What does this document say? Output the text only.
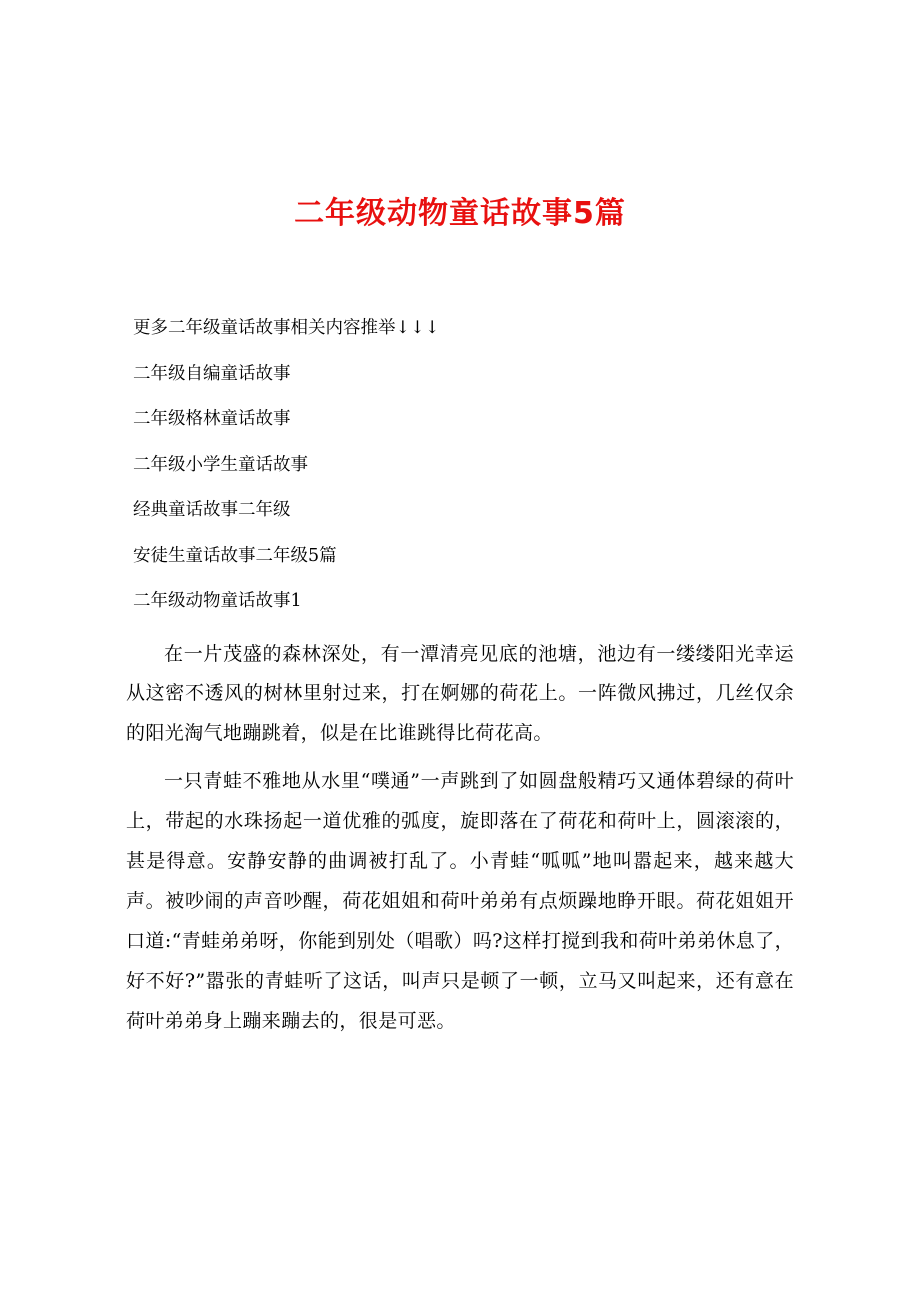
二年级动物童话故事5篇
更多二年级童话故事相关内容推举↓↓↓
二年级自编童话故事
二年级格林童话故事
二年级小学生童话故事
经典童话故事二年级
安徒生童话故事二年级5篇
二年级动物童话故事1

在一片茂盛的森林深处，有一潭清亮见底的池塘，池边有一缕缕阳光幸运从这密不透风的树林里射过来，打在婀娜的荷花上。一阵微风拂过，几丝仅余的阳光淘气地蹦跳着，似是在比谁跳得比荷花高。

一只青蛙不雅地从水里“噗通”一声跳到了如圆盘般精巧又通体碧绿的荷叶上，带起的水珠扬起一道优雅的弧度，旋即落在了荷花和荷叶上，圆滚滚的，甚是得意。安静安静的曲调被打乱了。小青蛙“呱呱”地叫嚣起来，越来越大声。被吵闹的声音吵醒，荷花姐姐和荷叶弟弟有点烦躁地睁开眼。荷花姐姐开口道:“青蛙弟弟呀，你能到别处（唱歌）吗?这样打搅到我和荷叶弟弟休息了，好不好?”嚣张的青蛙听了这话，叫声只是顿了一顿，立马又叫起来，还有意在荷叶弟弟身上蹦来蹦去的，很是可恶。
